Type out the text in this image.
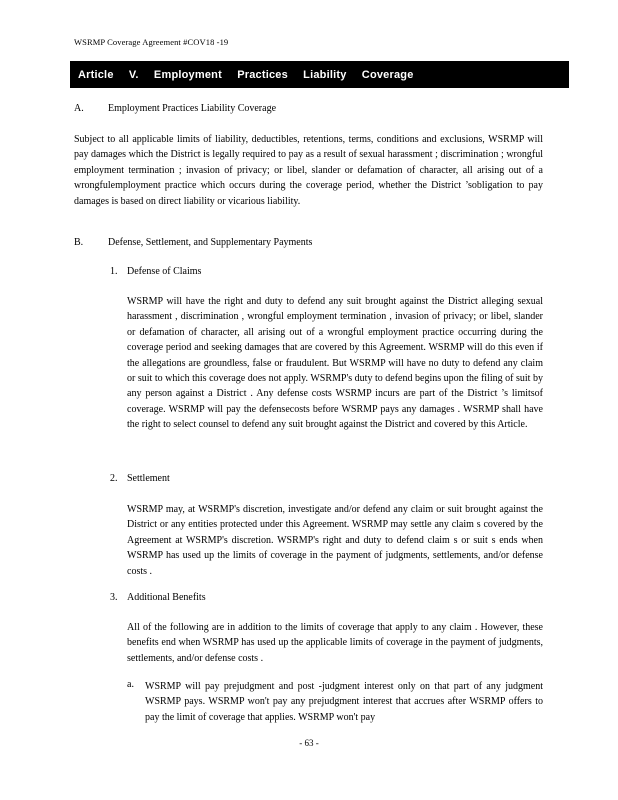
WSRMP Coverage Agreement #COV18 -19
Article V. Employment Practices Liability Coverage
A. Employment Practices Liability Coverage

Subject to all applicable limits of liability, deductibles, retentions, terms, conditions and exclusions, WSRMP will pay damages which the District is legally required to pay as a result of sexual harassment ; discrimination ; wrongful employment termination ; invasion of privacy; or libel, slander or defamation of character, all arising out of a wrongfulemployment practice which occurs during the coverage period, whether the District ’sobligation to pay damages is based on direct liability or vicarious liability.

B. Defense, Settlement, and Supplementary Payments
1. Defense of Claims

WSRMP will have the right and duty to defend any suit brought against the District alleging sexual harassment , discrimination , wrongful employment termination , invasion of privacy; or libel, slander or defamation of character, all arising out of a wrongful employment practice occurring during the coverage period and seeking damages that are covered by this Agreement. WSRMP will do this even if the allegations are groundless, false or fraudulent. But WSRMP will have no duty to defend any claim or suit to which this coverage does not apply. WSRMP's duty to defend begins upon the filing of suit by any person against a District . Any defense costs WSRMP incurs are part of the District ’s limitsof coverage. WSRMP will pay the defensecosts before WSRMP pays any damages . WSRMP shall have the right to select counsel to defend any suit brought against the District and covered by this Article.

2. Settlement

WSRMP may, at WSRMP's discretion, investigate and/or defend any claim or suit brought against the District or any entities protected under this Agreement. WSRMP may settle any claim s covered by the Agreement at WSRMP's discretion. WSRMP's right and duty to defend claim s or suit s ends when WSRMP has used up the limits of coverage in the payment of judgments, settlements, and/or defense costs .

3. Additional Benefits

All of the following are in addition to the limits of coverage that apply to any claim . However, these benefits end when WSRMP has used up the applicable limits of coverage in the payment of judgments, settlements, and/or defense costs .

a. WSRMP will pay prejudgment and post -judgment interest only on that part of any judgment WSRMP pays. WSRMP won't pay any prejudgment interest that accrues after WSRMP offers to pay the limit of coverage that applies. WSRMP won't pay

- 63 -
